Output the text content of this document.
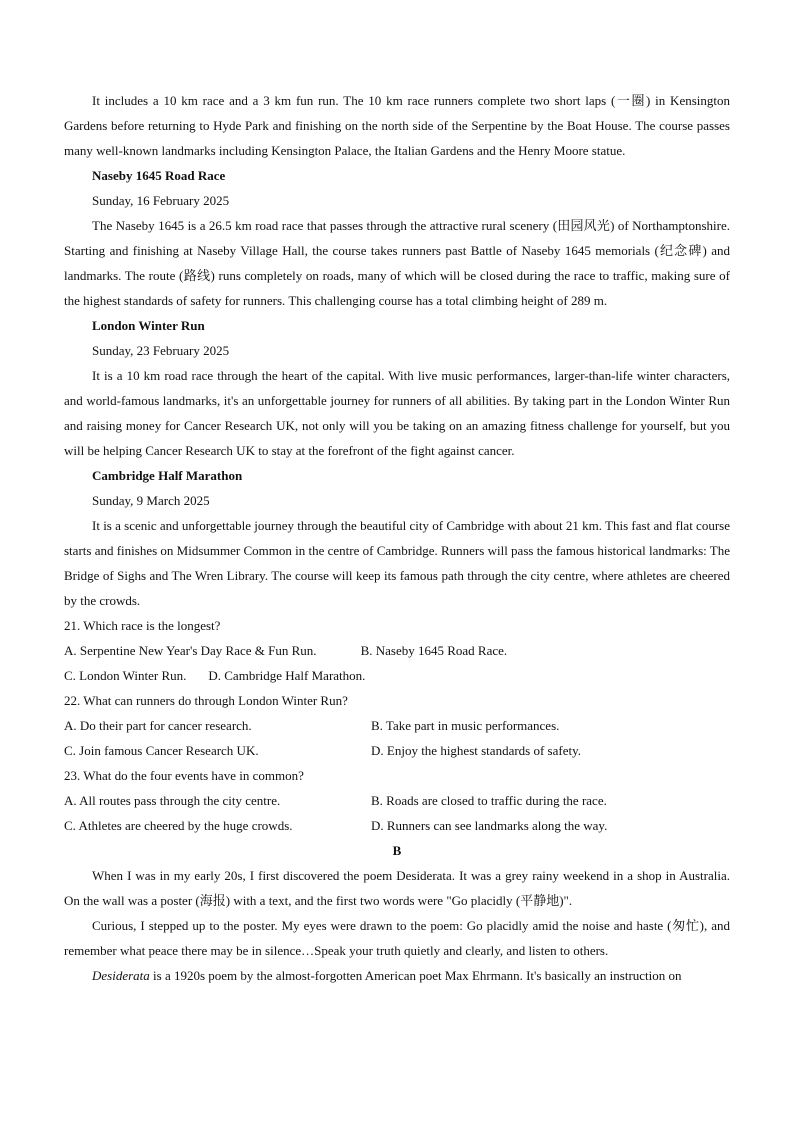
It includes a 10 km race and a 3 km fun run. The 10 km race runners complete two short laps (一圈) in Kensington Gardens before returning to Hyde Park and finishing on the north side of the Serpentine by the Boat House. The course passes many well-known landmarks including Kensington Palace, the Italian Gardens and the Henry Moore statue.

Naseby 1645 Road Race

Sunday, 16 February 2025

The Naseby 1645 is a 26.5 km road race that passes through the attractive rural scenery (田园风光) of Northamptonshire. Starting and finishing at Naseby Village Hall, the course takes runners past Battle of Naseby 1645 memorials (纪念碑) and landmarks. The route (路线) runs completely on roads, many of which will be closed during the race to traffic, making sure of the highest standards of safety for runners. This challenging course has a total climbing height of 289 m.

London Winter Run

Sunday, 23 February 2025

It is a 10 km road race through the heart of the capital. With live music performances, larger-than-life winter characters, and world-famous landmarks, it's an unforgettable journey for runners of all abilities. By taking part in the London Winter Run and raising money for Cancer Research UK, not only will you be taking on an amazing fitness challenge for yourself, but you will be helping Cancer Research UK to stay at the forefront of the fight against cancer.

Cambridge Half Marathon

Sunday, 9 March 2025

It is a scenic and unforgettable journey through the beautiful city of Cambridge with about 21 km. This fast and flat course starts and finishes on Midsummer Common in the centre of Cambridge. Runners will pass the famous historical landmarks: The Bridge of Sighs and The Wren Library. The course will keep its famous path through the city centre, where athletes are cheered by the crowds.

21. Which race is the longest?

A. Serpentine New Year's Day Race & Fun Run.	B. Naseby 1645 Road Race.
C. London Winter Run. D. Cambridge Half Marathon.

22. What can runners do through London Winter Run?

A. Do their part for cancer research.	B. Take part in music performances.
C. Join famous Cancer Research UK.	D. Enjoy the highest standards of safety.

23. What do the four events have in common?

A. All routes pass through the city centre.	B. Roads are closed to traffic during the race.
C. Athletes are cheered by the huge crowds.	D. Runners can see landmarks along the way.

B

When I was in my early 20s, I first discovered the poem Desiderata. It was a grey rainy weekend in a shop in Australia. On the wall was a poster (海报) with a text, and the first two words were "Go placidly (平静地)".

Curious, I stepped up to the poster. My eyes were drawn to the poem: Go placidly amid the noise and haste (匆忙), and remember what peace there may be in silence…Speak your truth quietly and clearly, and listen to others.

Desiderata is a 1920s poem by the almost-forgotten American poet Max Ehrmann. It's basically an instruction on
